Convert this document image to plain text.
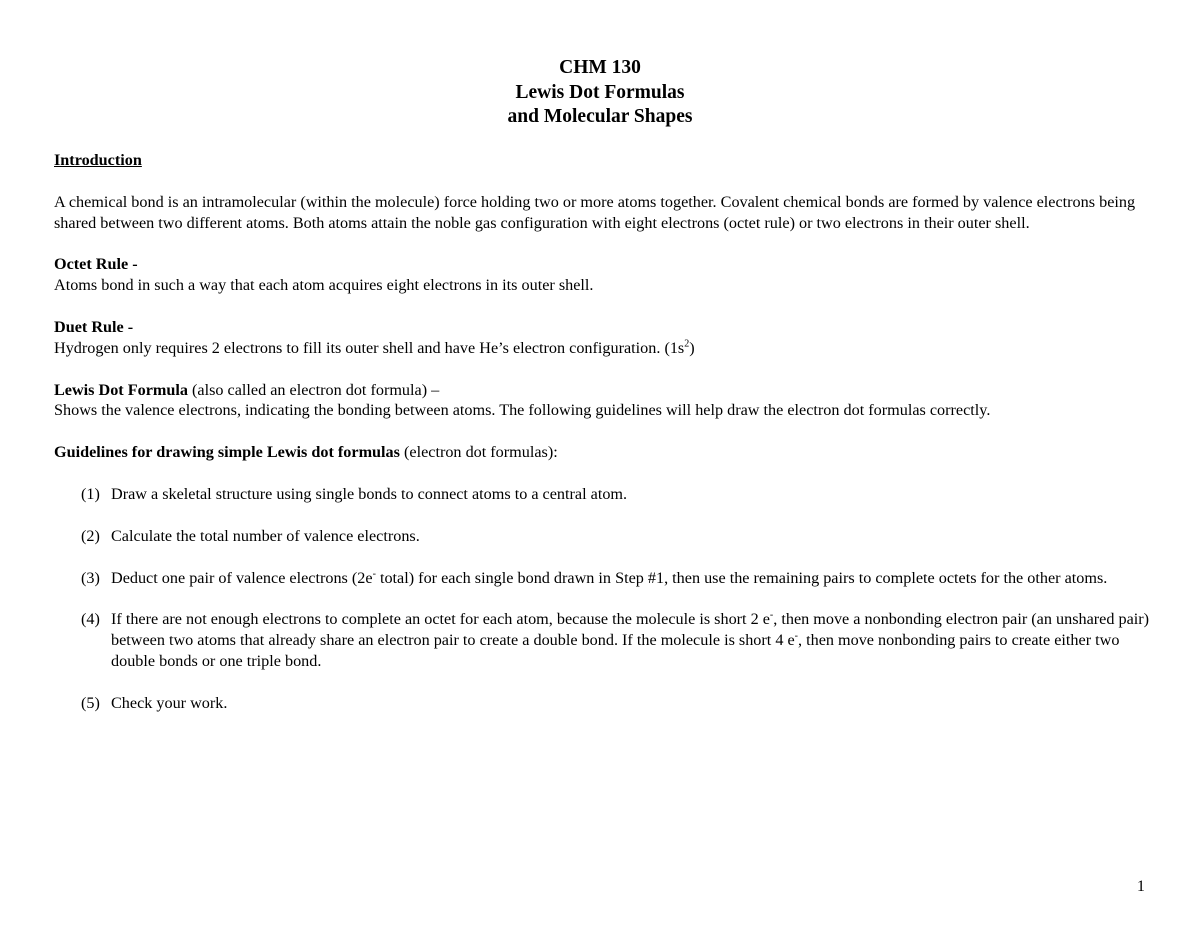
CHM 130
Lewis Dot Formulas
and Molecular Shapes

Introduction

A chemical bond is an intramolecular (within the molecule) force holding two or more atoms together. Covalent chemical bonds are formed by valence electrons being shared between two different atoms. Both atoms attain the noble gas configuration with eight electrons (octet rule) or two electrons in their outer shell.

Octet Rule -

Atoms bond in such a way that each atom acquires eight electrons in its outer shell.

Duet Rule -

Hydrogen only requires 2 electrons to fill its outer shell and have He’s electron configuration. $(1s^2)$

Lewis Dot Formula (also called an electron dot formula) –

Shows the valence electrons, indicating the bonding between atoms. The following guidelines will help draw the electron dot formulas correctly.

Guidelines for drawing simple Lewis dot formulas (electron dot formulas):

(1) Draw a skeletal structure using single bonds to connect atoms to a central atom.
(2) Calculate the total number of valence electrons.
(3) Deduct one pair of valence electrons (2e- total) for each single bond drawn in Step #1, then use the remaining pairs to complete octets for the other atoms.
(4) If there are not enough electrons to complete an octet for each atom, because the molecule is short 2 e-, then move a nonbonding electron pair (an unshared pair) between two atoms that already share an electron pair to create a double bond. If the molecule is short 4 e-, then move nonbonding pairs to create either two double bonds or one triple bond.
(5) Check your work.
1
